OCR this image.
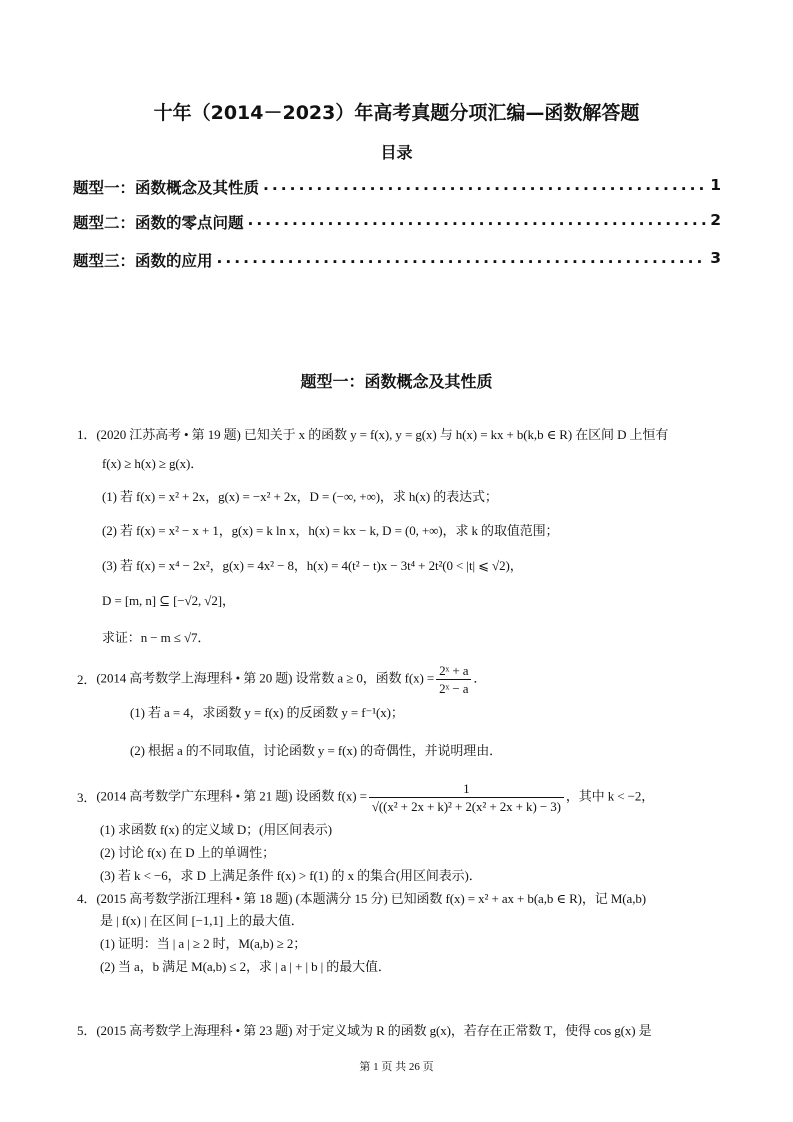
十年（2014－2023）年高考真题分项汇编—函数解答题
目录
题型一：函数概念及其性质 .....	1
题型二：函数的零点问题 .....	2
题型三：函数的应用 .....	3
题型一：函数概念及其性质
1． (2020 江苏高考 • 第 19 题) 已知关于 x 的函数 y = f(x), y = g(x) 与 h(x) = kx + b(k,b ∈ R) 在区间 D 上恒有
f(x) ≥ h(x) ≥ g(x)．
(1) 若 f(x) = x² + 2x，g(x) = −x² + 2x，D = (−∞, +∞)，求 h(x) 的表达式；
(2) 若 f(x) = x² − x + 1，g(x) = k ln x，h(x) = kx − k, D = (0, +∞)，求 k 的取值范围；
(3) 若 f(x) = x⁴ − 2x²，g(x) = 4x² − 8，h(x) = 4(t² − t)x − 3t⁴ + 2t²(0 < |t| ⩽ √2)，
D = [m, n] ⊆ [−√2, √2]，
求证：n − m ≤ √7．
2． (2014 高考数学上海理科 • 第 20 题) 设常数 a ≥ 0，函数 $f(x) = \frac{\text{2ˣ + a}}{\text{2ˣ − a}}$ ．
(1) 若 a = 4，求函数 y = f(x) 的反函数 y = f⁻¹(x)；
(2) 根据 a 的不同取值，讨论函数 y = f(x) 的奇偶性，并说明理由．
3． (2014 高考数学广东理科 • 第 21 题) 设函数 $f(x) = \frac{1}{\text{√((x² + 2x + k)² + 2(x² + 2x + k) − 3)}}$ ，其中 k < −2，
(1) 求函数 f(x) 的定义域 D；(用区间表示)
(2) 讨论 f(x) 在 D 上的单调性；
(3) 若 k < −6，求 D 上满足条件 f(x) > f(1) 的 x 的集合(用区间表示)．
4． (2015 高考数学浙江理科 • 第 18 题) (本题满分 15 分) 已知函数 f(x) = x² + ax + b(a,b ∈ R)，记 M(a,b)
是 | f(x) | 在区间 [−1,1] 上的最大值．
(1) 证明：当 | a | ≥ 2 时，M(a,b) ≥ 2；
(2) 当 a，b 满足 M(a,b) ≤ 2，求 | a | + | b | 的最大值．
5． (2015 高考数学上海理科 • 第 23 题) 对于定义域为 R 的函数 g(x)，若存在正常数 T，使得 cos g(x) 是
第 1 页 共 26 页
